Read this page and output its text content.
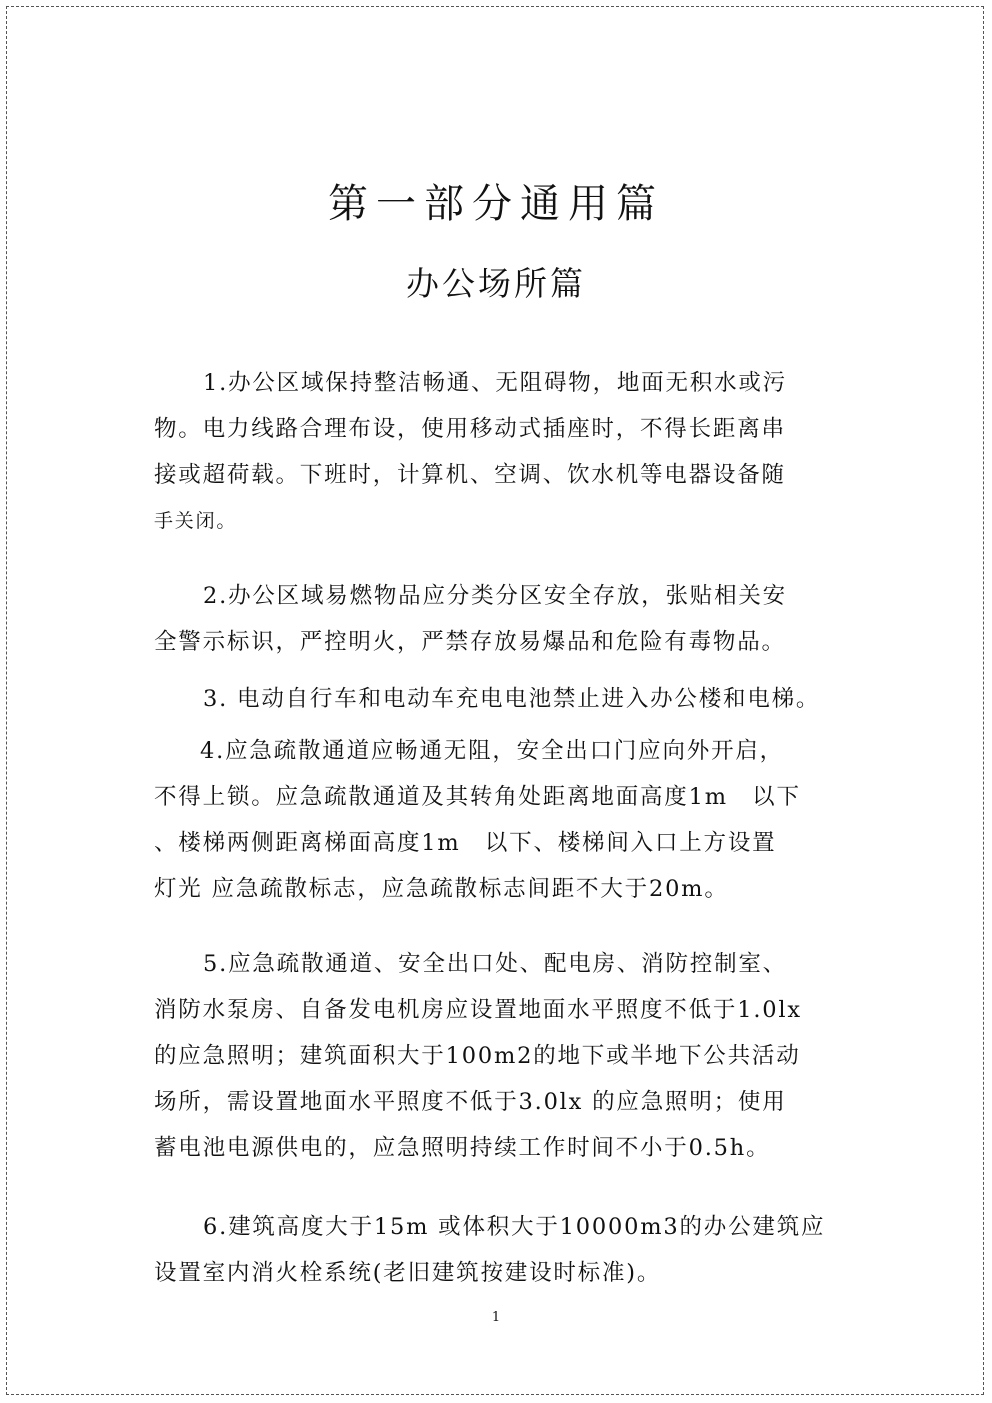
第一部分通用篇
办公场所篇
1.办公区域保持整洁畅通、无阻碍物，地面无积水或污
物。电力线路合理布设，使用移动式插座时，不得长距离串
接或超荷载。下班时，计算机、空调、饮水机等电器设备随
手关闭。
2.办公区域易燃物品应分类分区安全存放，张贴相关安
全警示标识，严控明火，严禁存放易爆品和危险有毒物品。
3. 电动自行车和电动车充电电池禁止进入办公楼和电梯。
4.应急疏散通道应畅通无阻，安全出口门应向外开启，
不得上锁。应急疏散通道及其转角处距离地面高度1m　以下
、楼梯两侧距离梯面高度1m　以下、楼梯间入口上方设置
灯光 应急疏散标志，应急疏散标志间距不大于20m。
5.应急疏散通道、安全出口处、配电房、消防控制室、
消防水泵房、自备发电机房应设置地面水平照度不低于1.0lx
的应急照明；建筑面积大于100m2的地下或半地下公共活动
场所，需设置地面水平照度不低于3.0lx 的应急照明；使用
蓄电池电源供电的，应急照明持续工作时间不小于0.5h。
6.建筑高度大于15m 或体积大于10000m3的办公建筑应
设置室内消火栓系统(老旧建筑按建设时标准)。
1
